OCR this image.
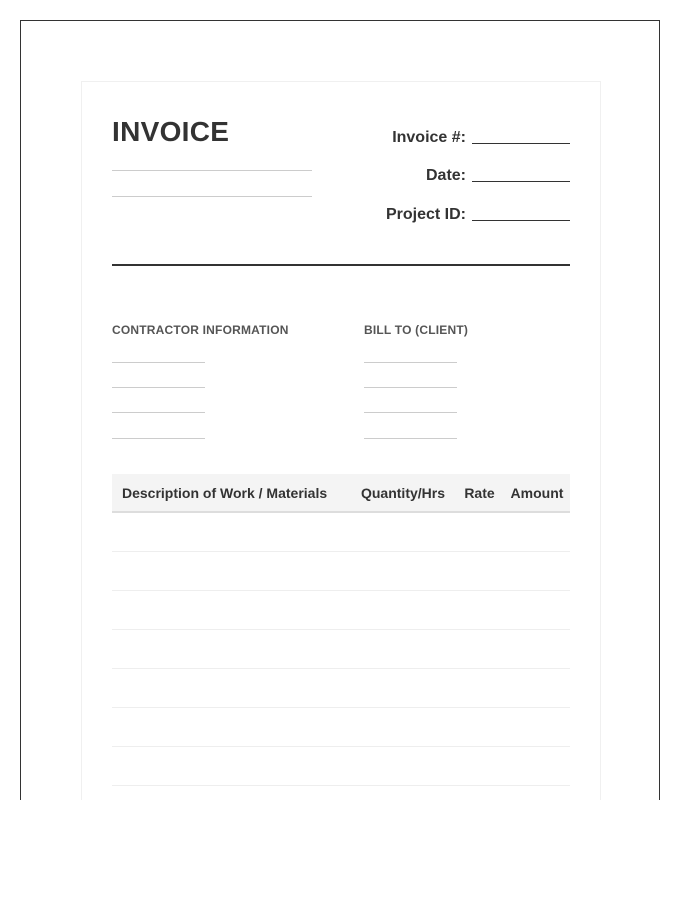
INVOICE	Invoice #:
Date:
Project ID:
CONTRACTOR INFORMATION	BILL TO (CLIENT)
Description of Work / Materials	Quantity/Hrs	Rate	Amount
